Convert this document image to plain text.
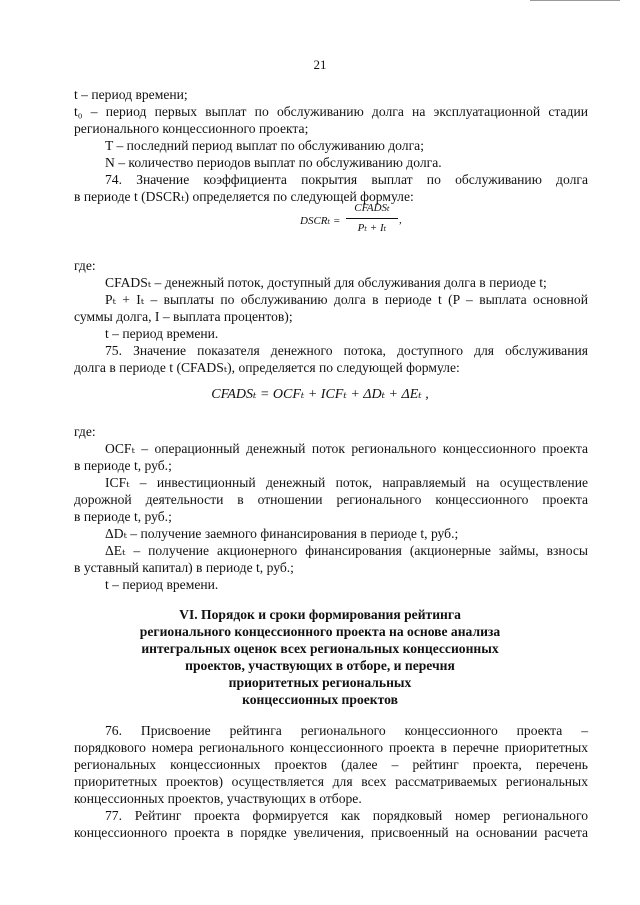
21
t – период времени;
t₀ – период первых выплат по обслуживанию долга на эксплуатационной стадии
регионального концессионного проекта;
T – последний период выплат по обслуживанию долга;
N – количество периодов выплат по обслуживанию долга.
74. Значение коэффициента покрытия выплат по обслуживанию долга
в периоде t (DSCRₜ) определяется по следующей формуле:
DSCRₜ =
CFADSₜ
Pₜ + Iₜ
,
где:
CFADSₜ – денежный поток, доступный для обслуживания долга в периоде t;
Pₜ + Iₜ – выплаты по обслуживанию долга в периоде t (P – выплата основной
суммы долга, I – выплата процентов);
t – период времени.
75. Значение показателя денежного потока, доступного для обслуживания
долга в периоде t (CFADSₜ), определяется по следующей формуле:
CFADSₜ = OCFₜ + ICFₜ + ΔDₜ + ΔEₜ ,
где:
OCFₜ – операционный денежный поток регионального концессионного проекта
в периоде t, руб.;
ICFₜ – инвестиционный денежный поток, направляемый на осуществление
дорожной деятельности в отношении регионального концессионного проекта
в периоде t, руб.;
ΔDₜ – получение заемного финансирования в периоде t, руб.;
ΔEₜ – получение акционерного финансирования (акционерные займы, взносы
в уставный капитал) в периоде t, руб.;
t – период времени.
VI. Порядок и сроки формирования рейтинга
регионального концессионного проекта на основе анализа
интегральных оценок всех региональных концессионных
проектов, участвующих в отборе, и перечня
приоритетных региональных
концессионных проектов
76. Присвоение рейтинга регионального концессионного проекта –
порядкового номера регионального концессионного проекта в перечне приоритетных
региональных концессионных проектов (далее – рейтинг проекта, перечень
приоритетных проектов) осуществляется для всех рассматриваемых региональных
концессионных проектов, участвующих в отборе.
77. Рейтинг проекта формируется как порядковый номер регионального
концессионного проекта в порядке увеличения, присвоенный на основании расчета
